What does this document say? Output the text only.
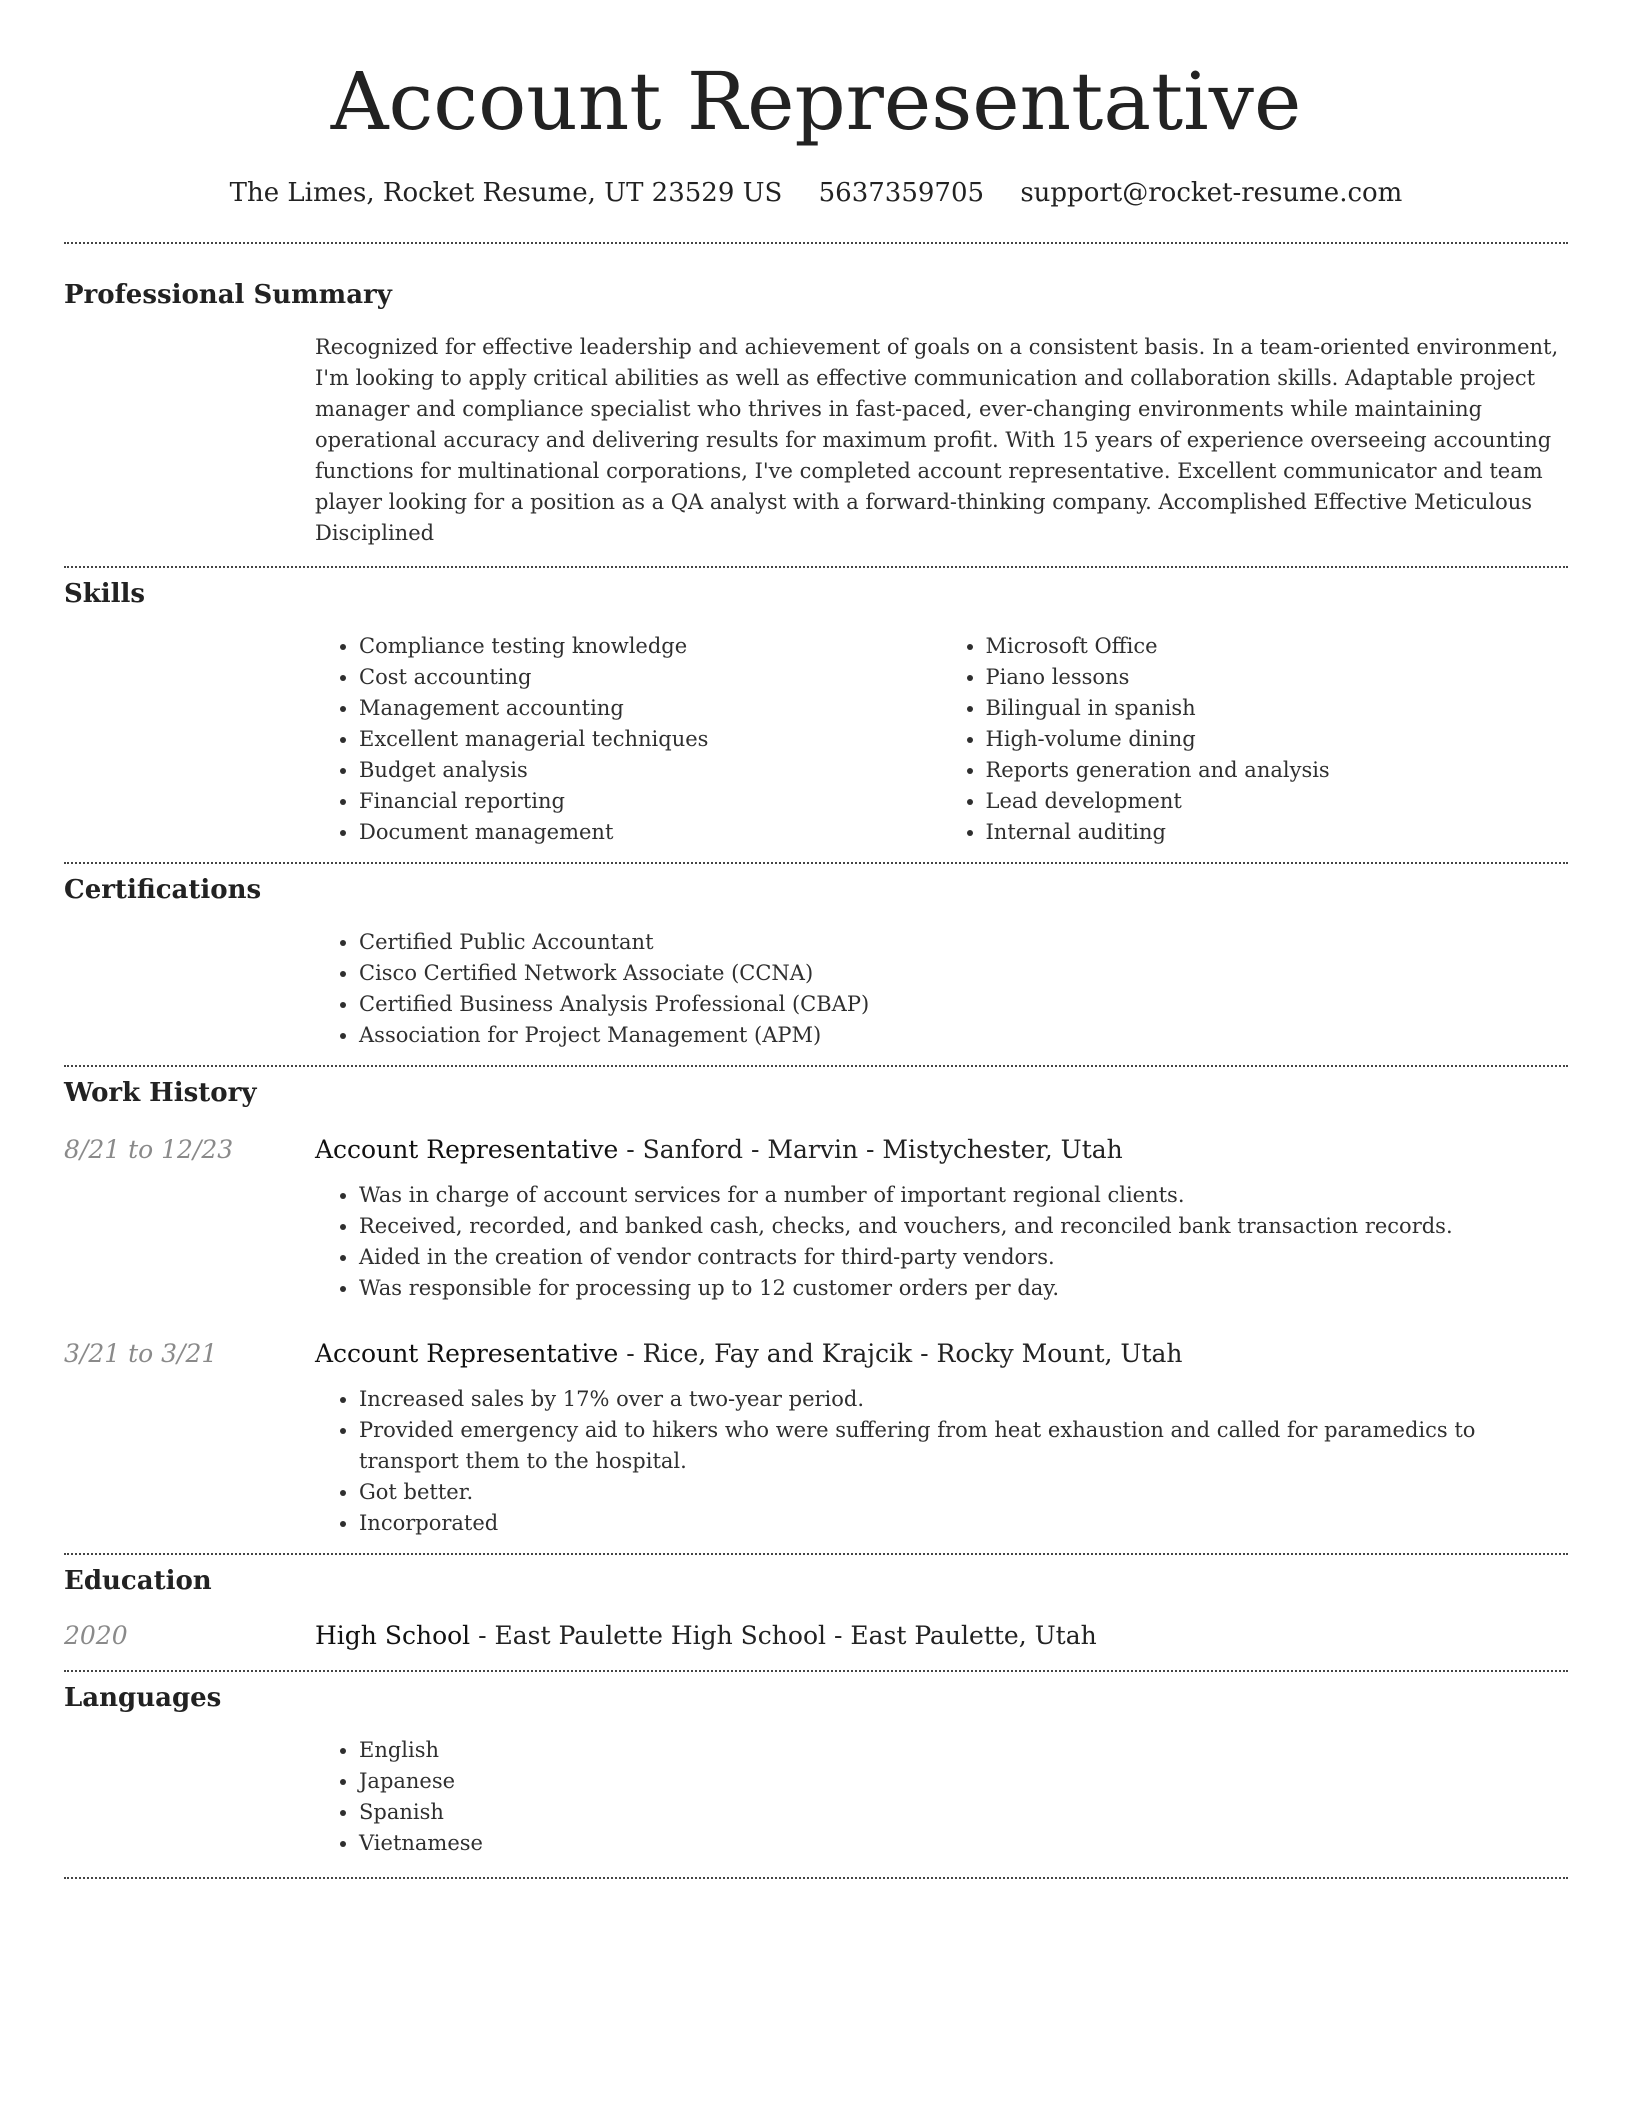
Account Representative
The Limes, Rocket Resume, UT 23529 US 5637359705 support@rocket-resume.com
Professional Summary

Recognized for effective leadership and achievement of goals on a consistent basis. In a team-oriented environment, I'm looking to apply critical abilities as well as effective communication and collaboration skills. Adaptable project manager and compliance specialist who thrives in fast-paced, ever-changing environments while maintaining operational accuracy and delivering results for maximum profit. With 15 years of experience overseeing accounting functions for multinational corporations, I've completed account representative. Excellent communicator and team player looking for a position as a QA analyst with a forward-thinking company. Accomplished Effective Meticulous Disciplined

Skills
• Compliance testing knowledge
• Cost accounting
• Management accounting
• Excellent managerial techniques
• Budget analysis
• Financial reporting
• Document management
• Microsoft Office
• Piano lessons
• Bilingual in spanish
• High-volume dining
• Reports generation and analysis
• Lead development
• Internal auditing
Certifications
• Certified Public Accountant
• Cisco Certified Network Associate (CCNA)
• Certified Business Analysis Professional (CBAP)
• Association for Project Management (APM)
Work History
8/21 to 12/23	Account Representative - Sanford - Marvin - Mistychester, Utah
• Was in charge of account services for a number of important regional clients.
• Received, recorded, and banked cash, checks, and vouchers, and reconciled bank transaction records.
• Aided in the creation of vendor contracts for third-party vendors.
• Was responsible for processing up to 12 customer orders per day.
3/21 to 3/21	Account Representative - Rice, Fay and Krajcik - Rocky Mount, Utah
• Increased sales by 17% over a two-year period.
• Provided emergency aid to hikers who were suffering from heat exhaustion and called for paramedics to transport them to the hospital.
• Got better.
• Incorporated
Education
2020	High School - East Paulette High School - East Paulette, Utah
Languages
• English
• Japanese
• Spanish
• Vietnamese
